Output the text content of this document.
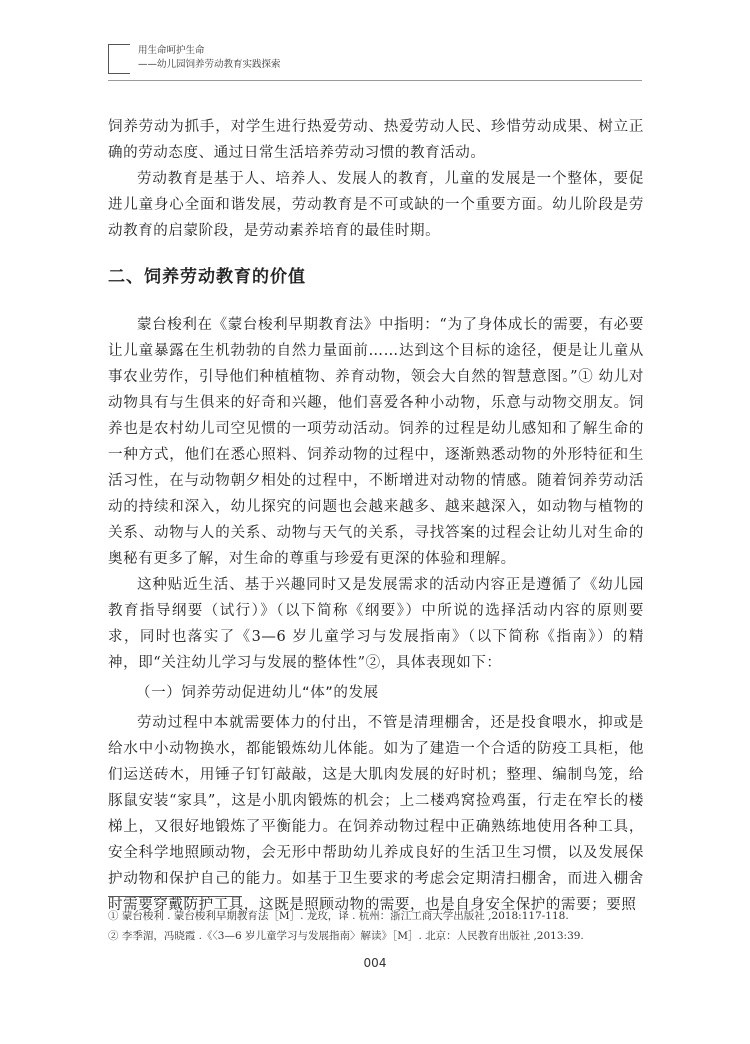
用生命呵护生命
——幼儿园饲养劳动教育实践探索

饲养劳动为抓手，对学生进行热爱劳动、热爱劳动人民、珍惜劳动成果、树立正确的劳动态度、通过日常生活培养劳动习惯的教育活动。

劳动教育是基于人、培养人、发展人的教育，儿童的发展是一个整体，要促进儿童身心全面和谐发展，劳动教育是不可或缺的一个重要方面。幼儿阶段是劳动教育的启蒙阶段，是劳动素养培育的最佳时期。

二、饲养劳动教育的价值

蒙台梭利在《蒙台梭利早期教育法》中指明：“为了身体成长的需要，有必要让儿童暴露在生机勃勃的自然力量面前……达到这个目标的途径，便是让儿童从事农业劳作，引导他们种植植物、养育动物，领会大自然的智慧意图。”① 幼儿对动物具有与生俱来的好奇和兴趣，他们喜爱各种小动物，乐意与动物交朋友。饲养也是农村幼儿司空见惯的一项劳动活动。饲养的过程是幼儿感知和了解生命的一种方式，他们在悉心照料、饲养动物的过程中，逐渐熟悉动物的外形特征和生活习性，在与动物朝夕相处的过程中，不断增进对动物的情感。随着饲养劳动活动的持续和深入，幼儿探究的问题也会越来越多、越来越深入，如动物与植物的关系、动物与人的关系、动物与天气的关系，寻找答案的过程会让幼儿对生命的奥秘有更多了解，对生命的尊重与珍爱有更深的体验和理解。

这种贴近生活、基于兴趣同时又是发展需求的活动内容正是遵循了《幼儿园教育指导纲要（试行）》（以下简称《纲要》）中所说的选择活动内容的原则要求，同时也落实了《3—6 岁儿童学习与发展指南》（以下简称《指南》）的精神，即“关注幼儿学习与发展的整体性”②，具体表现如下：

（一）饲养劳动促进幼儿“体”的发展

劳动过程中本就需要体力的付出，不管是清理棚舍，还是投食喂水，抑或是给水中小动物换水，都能锻炼幼儿体能。如为了建造一个合适的防疫工具柜，他们运送砖木，用锤子钉钉敲敲，这是大肌肉发展的好时机；整理、编制鸟笼，给豚鼠安装“家具”，这是小肌肉锻炼的机会；上二楼鸡窝捡鸡蛋，行走在窄长的楼梯上，又很好地锻炼了平衡能力。在饲养动物过程中正确熟练地使用各种工具，安全科学地照顾动物，会无形中帮助幼儿养成良好的生活卫生习惯，以及发展保护动物和保护自己的能力。如基于卫生要求的考虑会定期清扫棚舍，而进入棚舍时需要穿戴防护工具，这既是照顾动物的需要，也是自身安全保护的需要；要照

① 蒙台梭利 . 蒙台梭利早期教育法［M］. 龙玫，译 . 杭州：浙江工商大学出版社 ,2018:117-118.
② 李季湄，冯晓霞 .《〈3—6 岁儿童学习与发展指南〉解读》［M］. 北京：人民教育出版社 ,2013:39.
004
